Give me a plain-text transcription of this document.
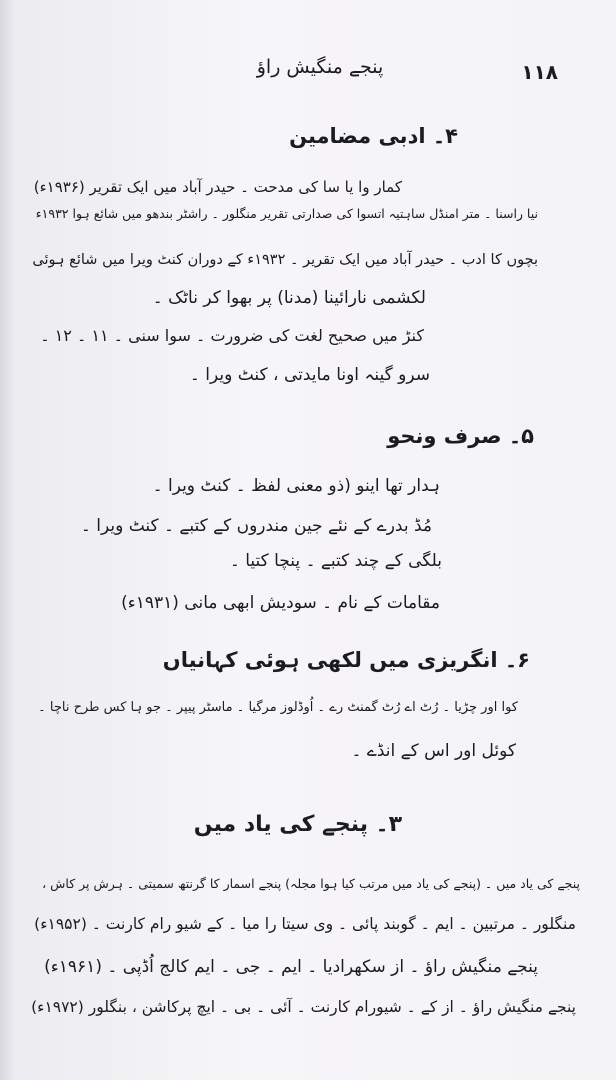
١١٨
پنجے منگیش راؤ
۴۔ ادبی مضامین
کمار وا یا سا کی مدحت ۔ حیدر آباد میں ایک تقریر (۱۹۳۶ء)
نیا راسنا ۔ متر امنڈل ساہتیہ اتسوا کی صدارتی تقریر منگلور ۔ راشٹر بندھو میں شائع ہوا ۱۹۳۲ء
بچوں کا ادب ۔ حیدر آباد میں ایک تقریر ۔ ۱۹۳۲ء کے دوران کنٹ ویرا میں شائع ہوئی
لکشمی نارائینا (مدنا) پر بھوا کر ناٹک ۔
کنڑ میں صحیح لغت کی ضرورت ۔ سوا سنی ۔ ۱۱ ۔ ۱۲ ۔
سرو گینہ اونا مایدتی ، کنٹ ویرا ۔
۵۔ صرف ونحو
ہدار تھا اینو (ذو معنی لفظ ۔ کنٹ ویرا ۔
مُڈ بدرے کے نئے جین مندروں کے کتبے ۔ کنٹ ویرا ۔
بلگی کے چند کتبے ۔ پنچا کتیا ۔
مقامات کے نام ۔ سودیش ابھی مانی (۱۹۳۱ء)
۶۔ انگریزی میں لکھی ہوئی کہانیاں
کوا اور چڑیا ۔ رُٹ اے رُٹ گمنٹ رے ۔ اُوڈلوز مرگیا ۔ ماسٹر پیپر ۔ جو ہا کس طرح ناچا ۔
کوئل اور اس کے انڈے ۔
۳۔ پنجے کی یاد میں
پنجے کی یاد میں ۔ (پنجے کی یاد میں مرتب کیا ہوا مجلہ) پنجے اسمار کا گرنتھ سمیتی ۔ ہرش پر کاش ،
منگلور ۔ مرتبین ۔ ایم ۔ گوبند پائی ۔ وی سیتا را میا ۔ کے شیو رام کارنت ۔ (۱۹۵۲ء)
پنجے منگیش راؤ ۔ از سکھرادیا ۔ ایم ۔ جی ۔ ایم کالج اُڈپی ۔ (۱۹۶۱ء)
پنجے منگیش راؤ ۔ از کے ۔ شیورام کارنت ۔ آئی ۔ بی ۔ ایچ پرکاشن ، بنگلور (۱۹۷۲ء)
